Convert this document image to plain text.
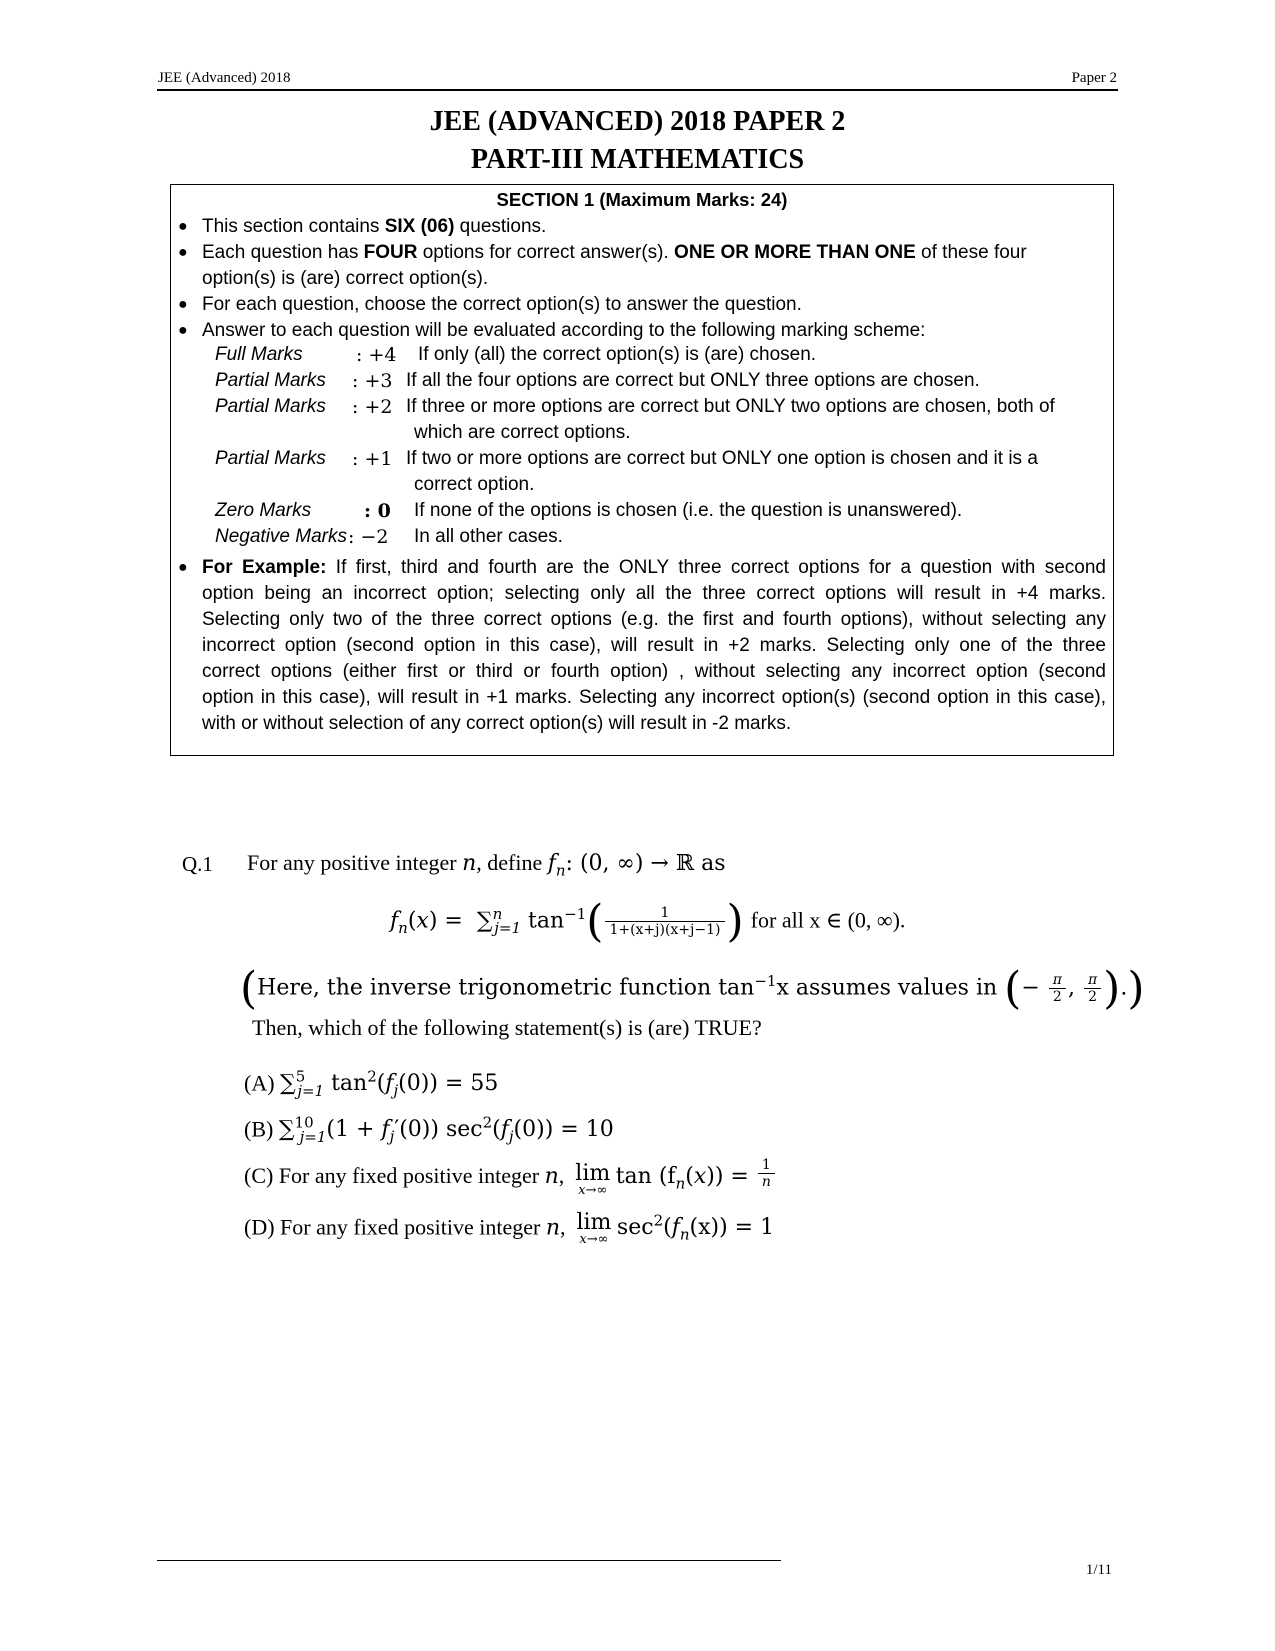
JEE (Advanced) 2018	Paper 2
JEE (ADVANCED) 2018 PAPER 2
PART-III MATHEMATICS
SECTION 1 (Maximum Marks: 24)
● This section contains SIX (06) questions.
● Each question has FOUR options for correct answer(s). ONE OR MORE THAN ONE of these four
option(s) is (are) correct option(s).
● For each question, choose the correct option(s) to answer the question.
● Answer to each question will be evaluated according to the following marking scheme:
Full Marks	: +4 If only (all) the correct option(s) is (are) chosen.
Partial Marks : +3 If all the four options are correct but ONLY three options are chosen.
Partial Marks : +2 If three or more options are correct but ONLY two options are chosen, both of
which are correct options.
Partial Marks : +1 If two or more options are correct but ONLY one option is chosen and it is a
correct option.
Zero Marks	: 0 If none of the options is chosen (i.e. the question is unanswered).
Negative Marks : −2 In all other cases.
● For Example: If first, third and fourth are the ONLY three correct options for a question with second
option being an incorrect option; selecting only all the three correct options will result in +4 marks.
Selecting only two of the three correct options (e.g. the first and fourth options), without selecting any
incorrect option (second option in this case), will result in +2 marks. Selecting only one of the three
correct options (either first or third or fourth option) , without selecting any incorrect option (second
option in this case), will result in +1 marks. Selecting any incorrect option(s) (second option in this case),
with or without selection of any correct option(s) will result in -2 marks.
Q.1 For any positive integer n, define $f_n$: (0, ∞) → ℝ as
$f_n(x) = \sum^n_{j=1}$ $\tan^{-1}( \frac{1}{1+(x+j)(x+j-1)}$ ) for all x ∈ (0, ∞).
(Here, the inverse trigonometric function $\tan^{-1}x$ assumes values in (− $\frac{\pi}{2}$ , $\frac{\pi}{2}$ ).)
Then, which of the following statement(s) is (are) TRUE?
(A) ∑$^5_{j=1}$ $\tan^2(f_j(0)) = 55$
(B) $\sum^{10}_{j=1}(1 + f_j'(0))$ $\sec^2(f_j(0)) = 10$
(C) For any fixed positive integer n,  lim
x→∞
$\tan (f_n(x)) = \frac{1}{n}$
(D) For any fixed positive integer n,  lim
x→∞ $\sec^2(f_n(x)) = 1$
1/11
